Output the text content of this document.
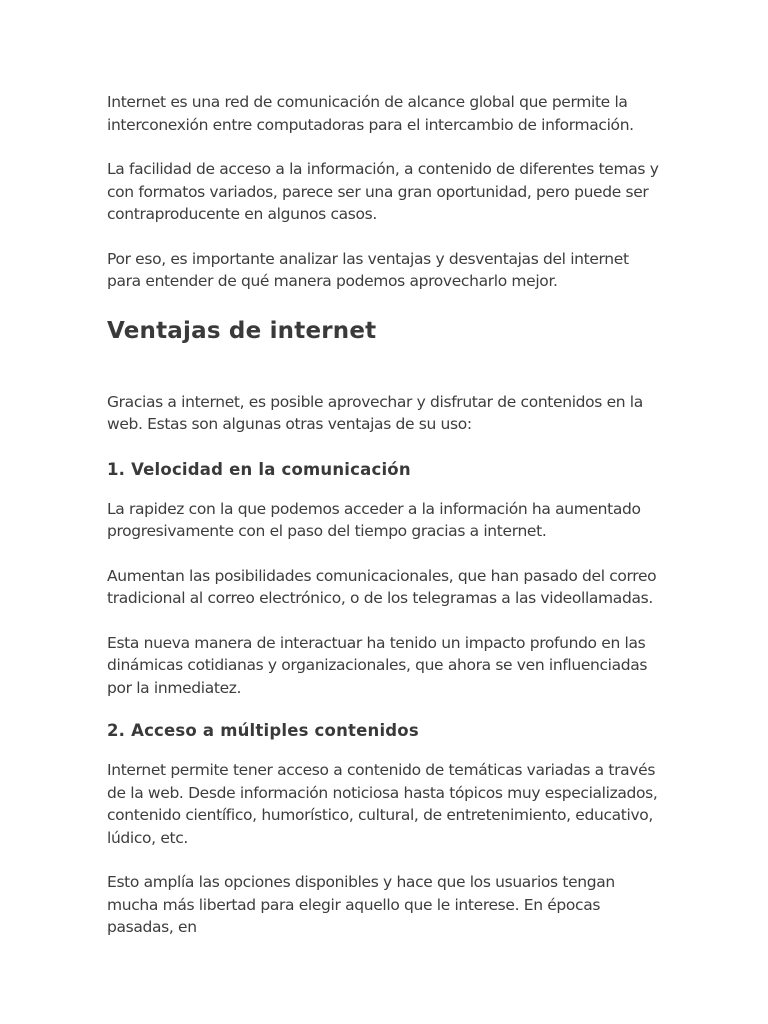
Internet es una red de comunicación de alcance global que permite la interconexión entre computadoras para el intercambio de información.

La facilidad de acceso a la información, a contenido de diferentes temas y con formatos variados, parece ser una gran oportunidad, pero puede ser contraproducente en algunos casos.

Por eso, es importante analizar las ventajas y desventajas del internet para entender de qué manera podemos aprovecharlo mejor.

Ventajas de internet

Gracias a internet, es posible aprovechar y disfrutar de contenidos en la web. Estas son algunas otras ventajas de su uso:

1. Velocidad en la comunicación

La rapidez con la que podemos acceder a la información ha aumentado progresivamente con el paso del tiempo gracias a internet.

Aumentan las posibilidades comunicacionales, que han pasado del correo tradicional al correo electrónico, o de los telegramas a las videollamadas.

Esta nueva manera de interactuar ha tenido un impacto profundo en las dinámicas cotidianas y organizacionales, que ahora se ven influenciadas por la inmediatez.

2. Acceso a múltiples contenidos

Internet permite tener acceso a contenido de temáticas variadas a través de la web. Desde información noticiosa hasta tópicos muy especializados, contenido científico, humorístico, cultural, de entretenimiento, educativo, lúdico, etc.

Esto amplía las opciones disponibles y hace que los usuarios tengan mucha más libertad para elegir aquello que le interese. En épocas pasadas, en
